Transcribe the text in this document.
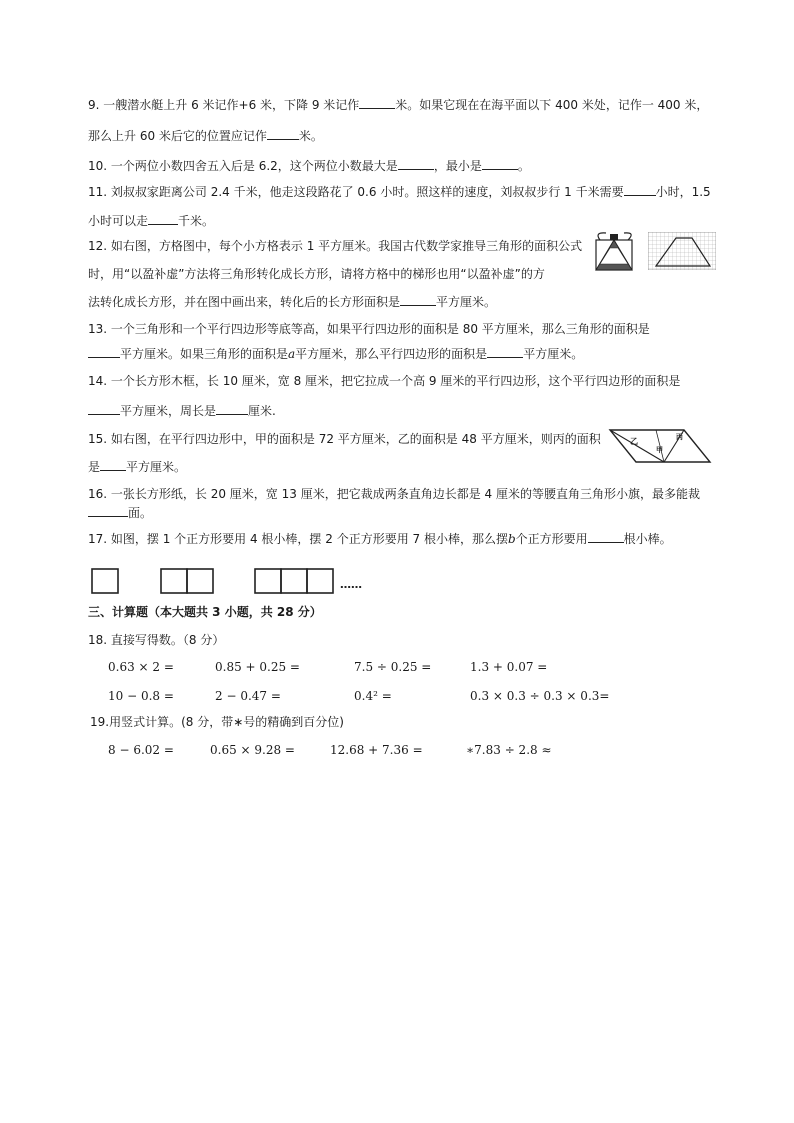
9. 一艘潜水艇上升 6 米记作+6 米，下降 9 米记作	米。如果它现在在海平面以下 400 米处，记作一 400 米，
那么上升 60 米后它的位置应记作	米。
10. 一个两位小数四舍五入后是 6.2，这个两位小数最大是	，最小是	。
11. 刘叔叔家距离公司 2.4 千米，他走这段路花了 0.6 小时。照这样的速度，刘叔叔步行 1 千米需要	小时，1.5
小时可以走	千米。
12. 如右图，方格图中，每个小方格表示 1 平方厘米。我国古代数学家推导三角形的面积公式
时，用“以盈补虚”方法将三角形转化成长方形，请将方格中的梯形也用“以盈补虚”的方
法转化成长方形，并在图中画出来，转化后的长方形面积是	平方厘米。
13. 一个三角形和一个平行四边形等底等高，如果平行四边形的面积是 80 平方厘米，那么三角形的面积是
平方厘米。如果三角形的面积是a平方厘米，那么平行四边形的面积是	平方厘米。
14. 一个长方形木框，长 10 厘米，宽 8 厘米，把它拉成一个高 9 厘米的平行四边形，这个平行四边形的面积是
平方厘米，周长是	厘米.
15. 如右图，在平行四边形中，甲的面积是 72 平方厘米，乙的面积是 48 平方厘米，则丙的面积
是 平方厘米。
乙
甲
丙
16. 一张长方形纸，长 20 厘米，宽 13 厘米，把它裁成两条直角边长都是 4 厘米的等腰直角三角形小旗，最多能裁
面。
17. 如图，摆 1 个正方形要用 4 根小棒，摆 2 个正方形要用 7 根小棒，那么摆b个正方形要用	根小棒。
……
三、计算题（本大题共 3 小题，共 28 分）
18. 直接写得数。（8 分）
0.63 × 2 =	0.85 + 0.25 =	7.5 ÷ 0.25 =	1.3 + 0.07 =
10 − 0.8 =	2 − 0.47 =	0.4² =	0.3 × 0.3 ÷ 0.3 × 0.3=
19.用竖式计算。(8 分，带∗号的精确到百分位)
8 − 6.02 =	0.65 × 9.28 =	12.68 + 7.36 =	∗7.83 ÷ 2.8 ≈
